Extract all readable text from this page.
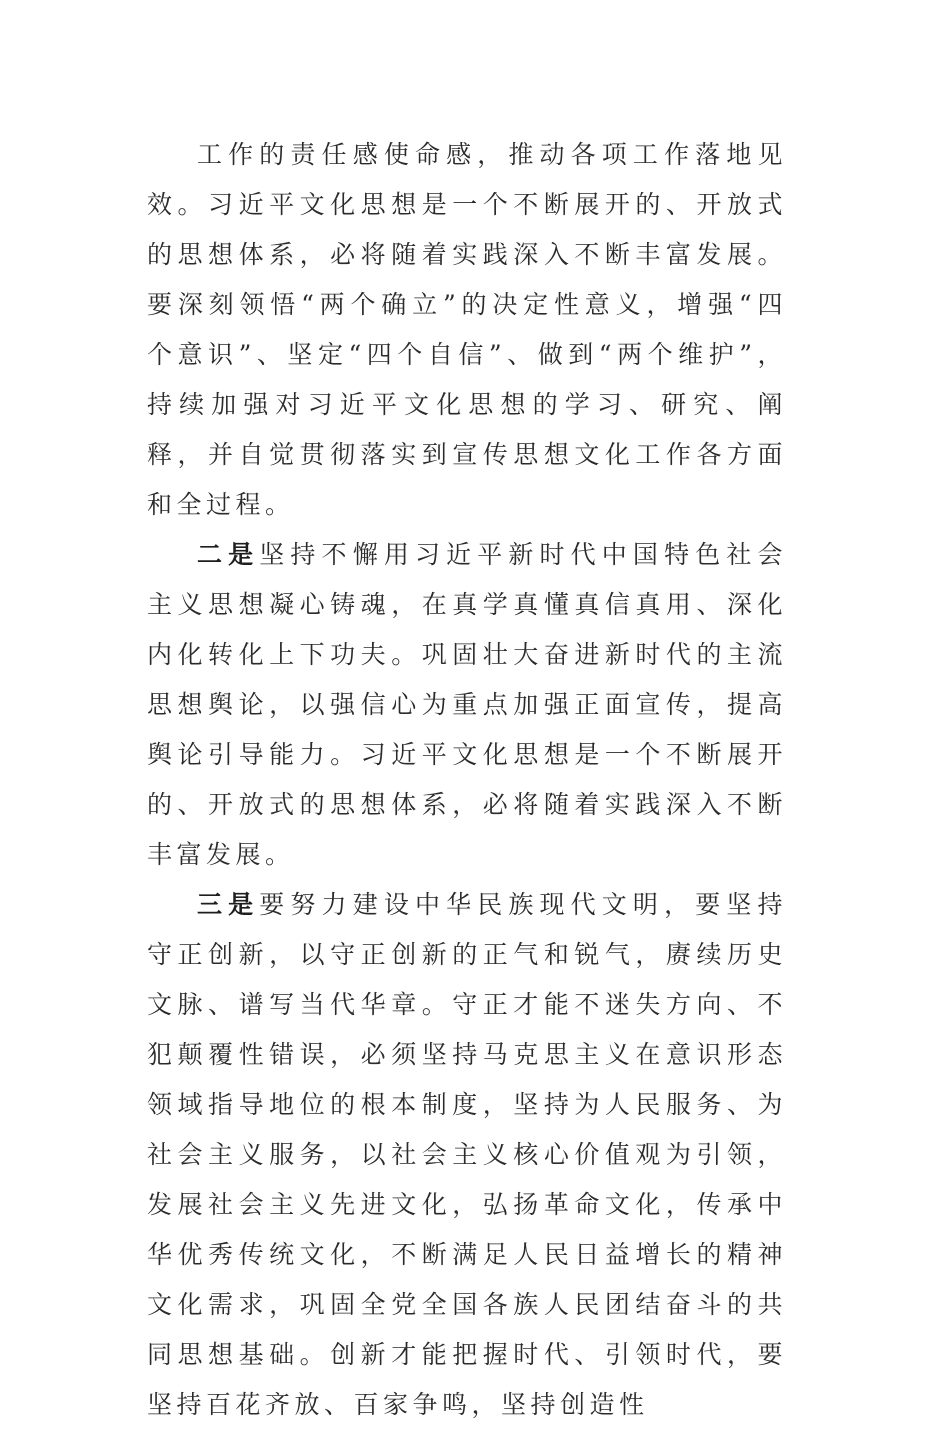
工作的责任感使命感，推动各项工作落地见效。习近平文化思想是一个不断展开的、开放式的思想体系，必将随着实践深入不断丰富发展。要深刻领悟“两个确立”的决定性意义，增强“四个意识”、坚定“四个自信”、做到“两个维护”，持续加强对习近平文化思想的学习、研究、阐释，并自觉贯彻落实到宣传思想文化工作各方面和全过程。

二是坚持不懈用习近平新时代中国特色社会主义思想凝心铸魂，在真学真懂真信真用、深化内化转化上下功夫。巩固壮大奋进新时代的主流思想舆论，以强信心为重点加强正面宣传，提高舆论引导能力。习近平文化思想是一个不断展开的、开放式的思想体系，必将随着实践深入不断丰富发展。

三是要努力建设中华民族现代文明，要坚持守正创新，以守正创新的正气和锐气，赓续历史文脉、谱写当代华章。守正才能不迷失方向、不犯颠覆性错误，必须坚持马克思主义在意识形态领域指导地位的根本制度，坚持为人民服务、为社会主义服务，以社会主义核心价值观为引领，发展社会主义先进文化，弘扬革命文化，传承中华优秀传统文化，不断满足人民日益增长的精神文化需求，巩固全党全国各族人民团结奋斗的共同思想基础。创新才能把握时代、引领时代，要坚持百花齐放、百家争鸣，坚持创造性
